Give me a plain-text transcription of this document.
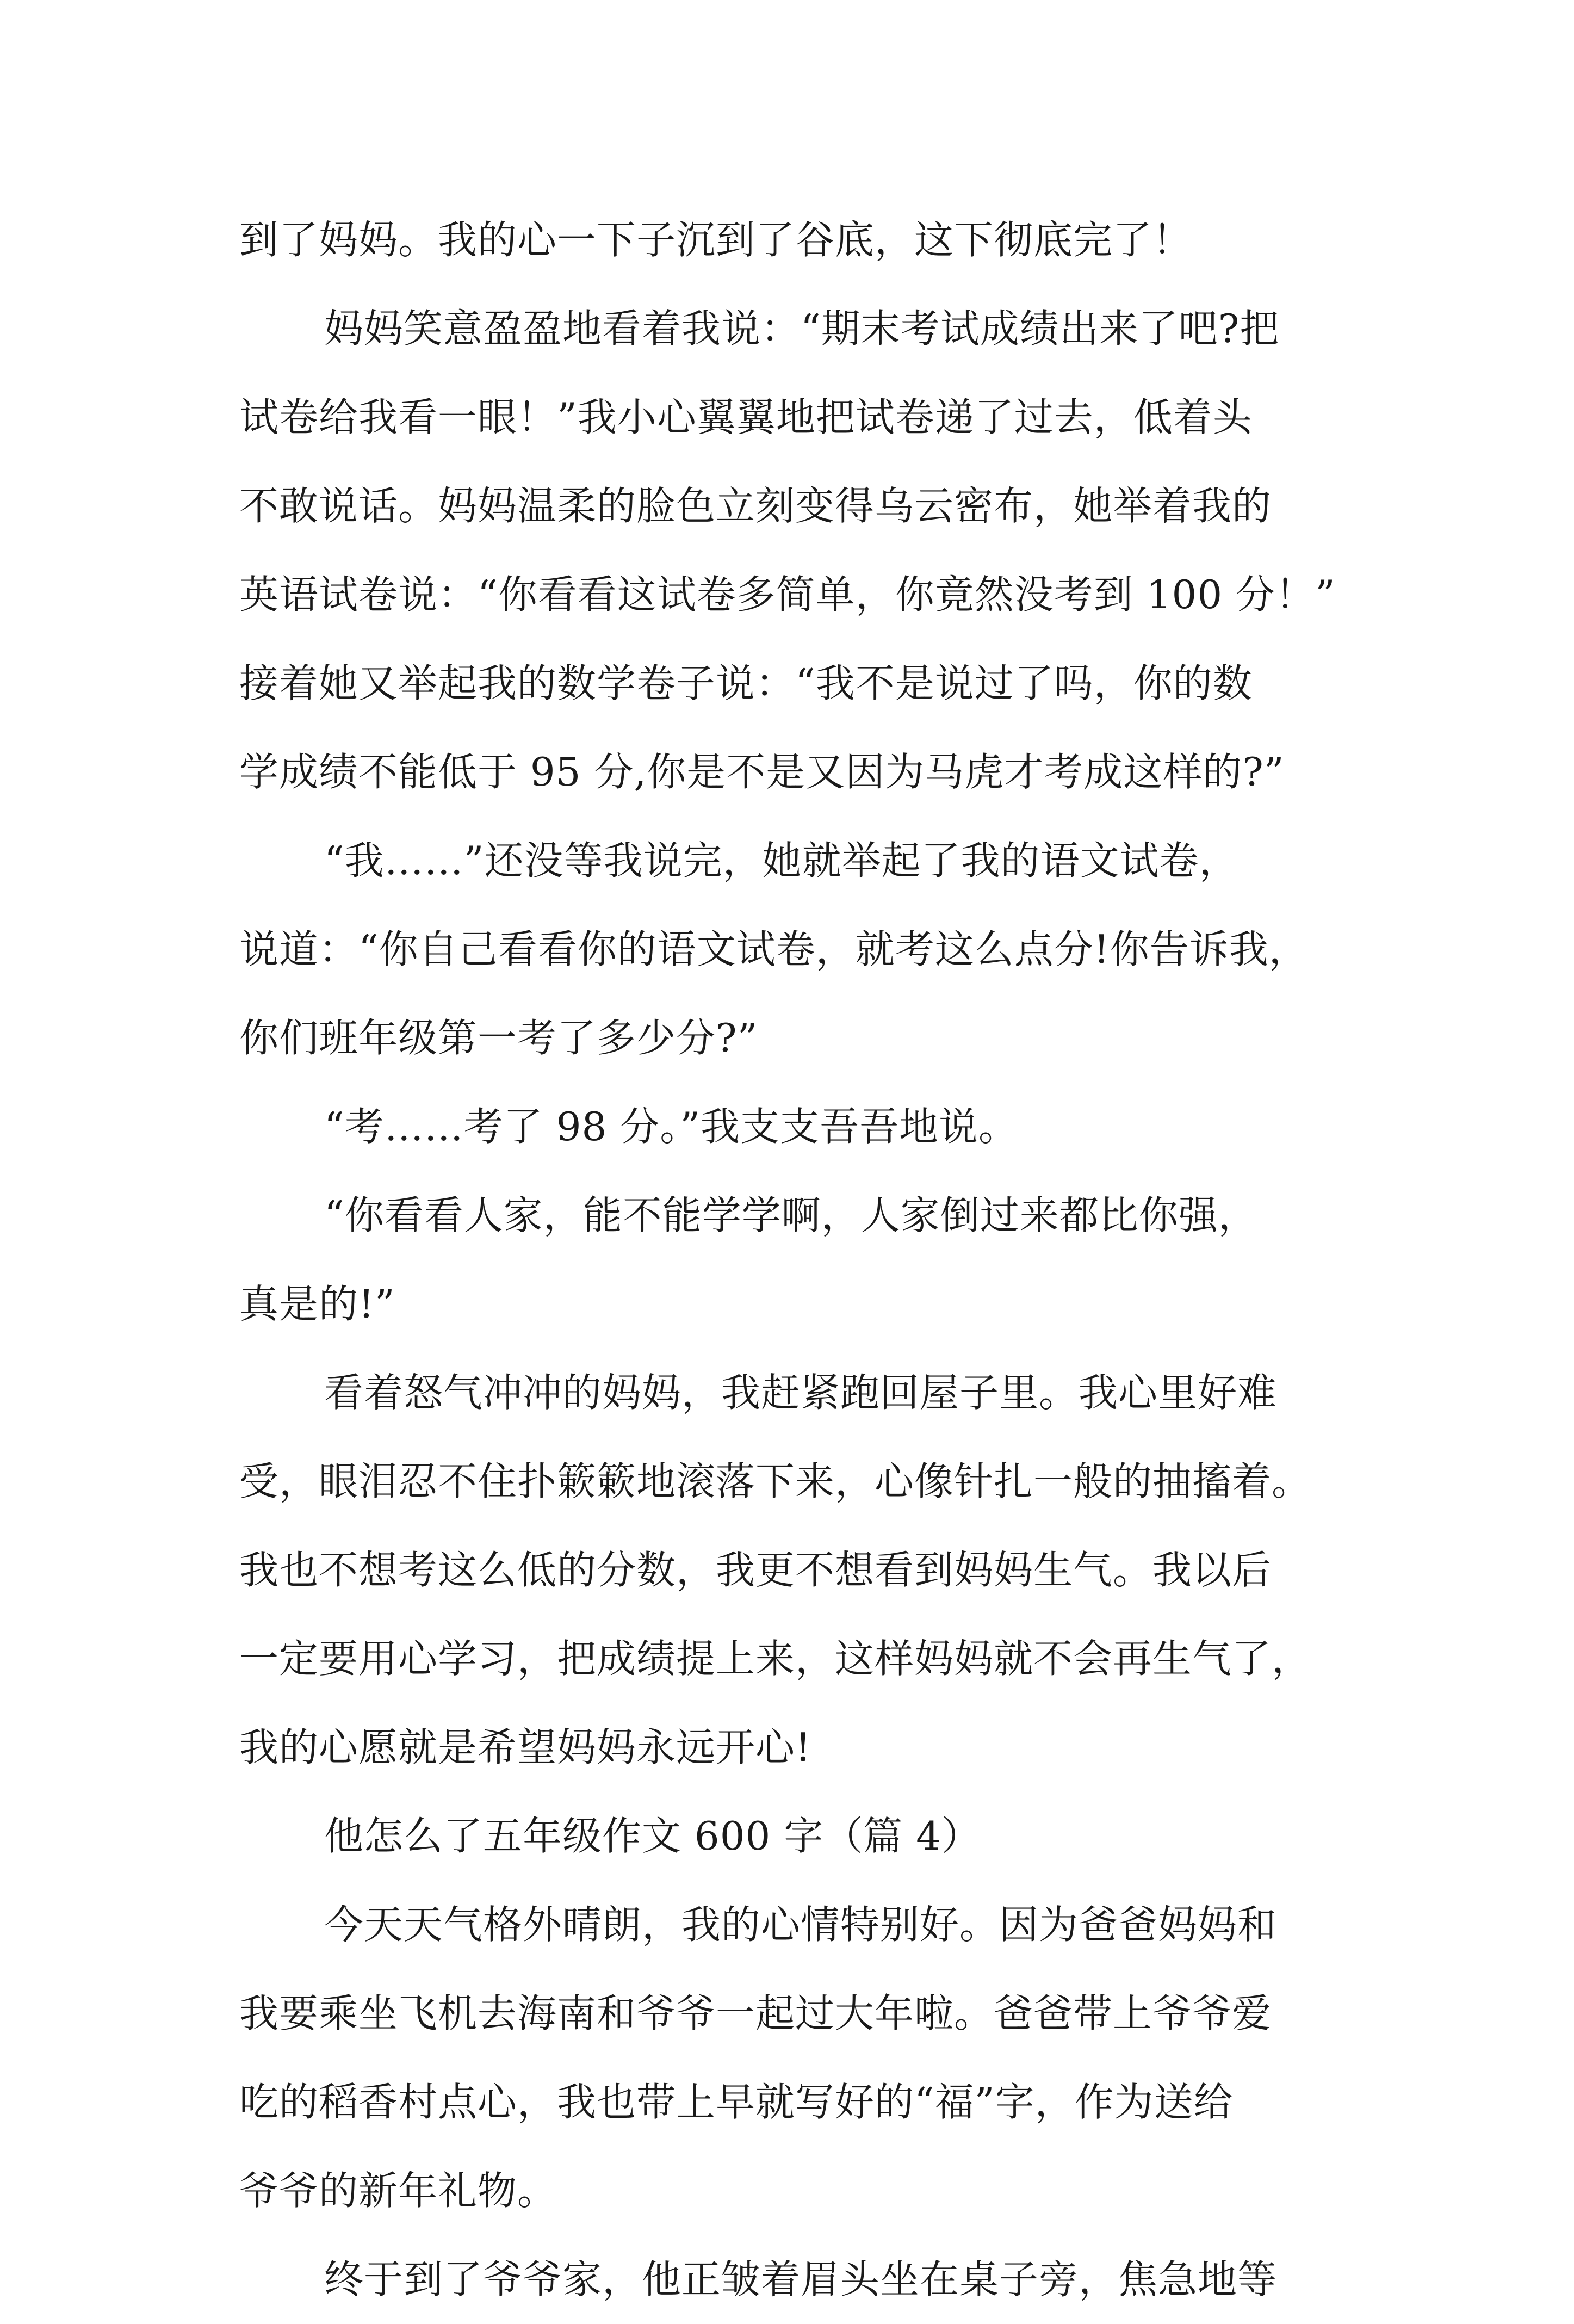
到了妈妈。我的心一下子沉到了谷底，这下彻底完了！
妈妈笑意盈盈地看着我说：“期末考试成绩出来了吧?把
试卷给我看一眼！”我小心翼翼地把试卷递了过去，低着头
不敢说话。妈妈温柔的脸色立刻变得乌云密布，她举着我的
英语试卷说：“你看看这试卷多简单，你竟然没考到 100 分！”
接着她又举起我的数学卷子说：“我不是说过了吗，你的数
学成绩不能低于 95 分,你是不是又因为马虎才考成这样的?”
“我……”还没等我说完，她就举起了我的语文试卷，
说道：“你自己看看你的语文试卷，就考这么点分!你告诉我，
你们班年级第一考了多少分?”
“考……考了 98 分。”我支支吾吾地说。
“你看看人家，能不能学学啊，人家倒过来都比你强，
真是的!”
看着怒气冲冲的妈妈，我赶紧跑回屋子里。我心里好难
受，眼泪忍不住扑簌簌地滚落下来，心像针扎一般的抽搐着。
我也不想考这么低的分数，我更不想看到妈妈生气。我以后
一定要用心学习，把成绩提上来，这样妈妈就不会再生气了，
我的心愿就是希望妈妈永远开心!
他怎么了五年级作文 600 字（篇 4）
今天天气格外晴朗，我的心情特别好。因为爸爸妈妈和
我要乘坐飞机去海南和爷爷一起过大年啦。爸爸带上爷爷爱
吃的稻香村点心，我也带上早就写好的“福”字，作为送给
爷爷的新年礼物。
终于到了爷爷家，他正皱着眉头坐在桌子旁，焦急地等
